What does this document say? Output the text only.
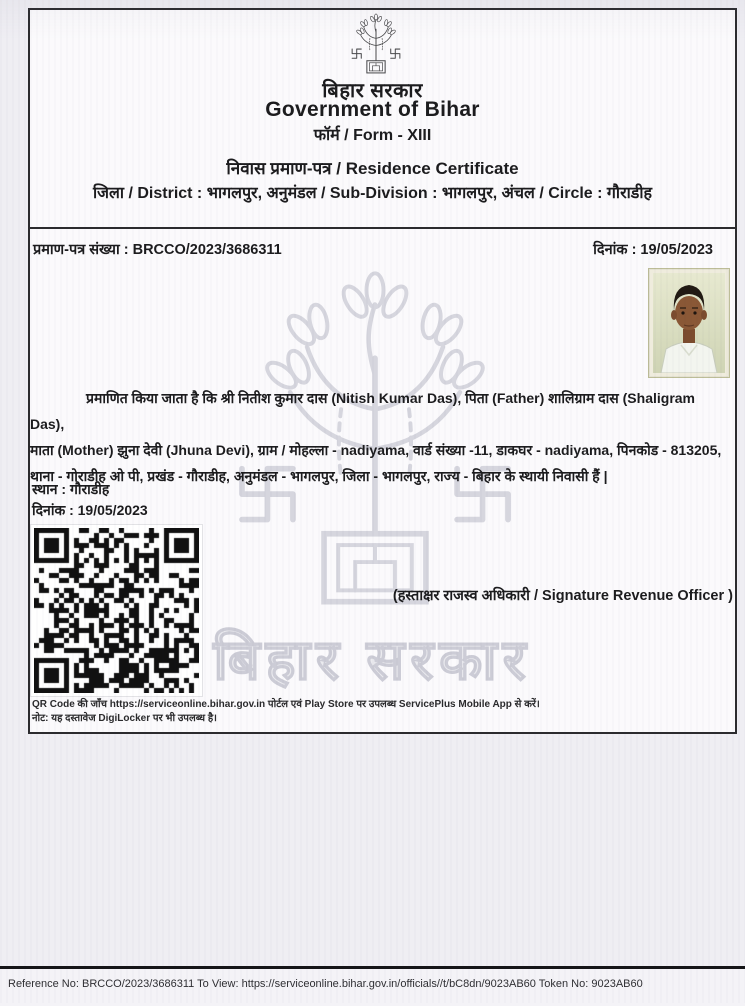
बिहार सरकार
बिहार सरकार
Government of Bihar
फॉर्म / Form - XIII
निवास प्रमाण-पत्र / Residence Certificate
जिला / District : भागलपुर, अनुमंडल / Sub-Division : भागलपुर, अंचल / Circle : गौराडीह
प्रमाण-पत्र संख्या : BRCCO/2023/3686311	दिनांक : 19/05/2023
प्रमाणित किया जाता है कि श्री नितीश कुमार दास (Nitish Kumar Das), पिता (Father) शालिग्राम दास (Shaligram Das),
माता (Mother) झुना देवी (Jhuna Devi), ग्राम / मोहल्ला - nadiyama, वार्ड संख्या -11, डाकघर - nadiyama, पिनकोड - 813205,
थाना - गोराडीह ओ पी, प्रखंड - गौराडीह, अनुमंडल - भागलपुर, जिला - भागलपुर, राज्य - बिहार के स्थायी निवासी हैं |
स्थान : गौराडीह
दिनांक : 19/05/2023
(हस्ताक्षर राजस्व अधिकारी / Signature Revenue Officer )
QR Code की जाँच https://serviceonline.bihar.gov.in पोर्टल एवं Play Store पर उपलब्ध ServicePlus Mobile App से करें।
नोट: यह दस्तावेज DigiLocker पर भी उपलब्ध है।
Reference No: BRCCO/2023/3686311 To View: https://serviceonline.bihar.gov.in/officials//t/bC8dn/9023AB60 Token No: 9023AB60
